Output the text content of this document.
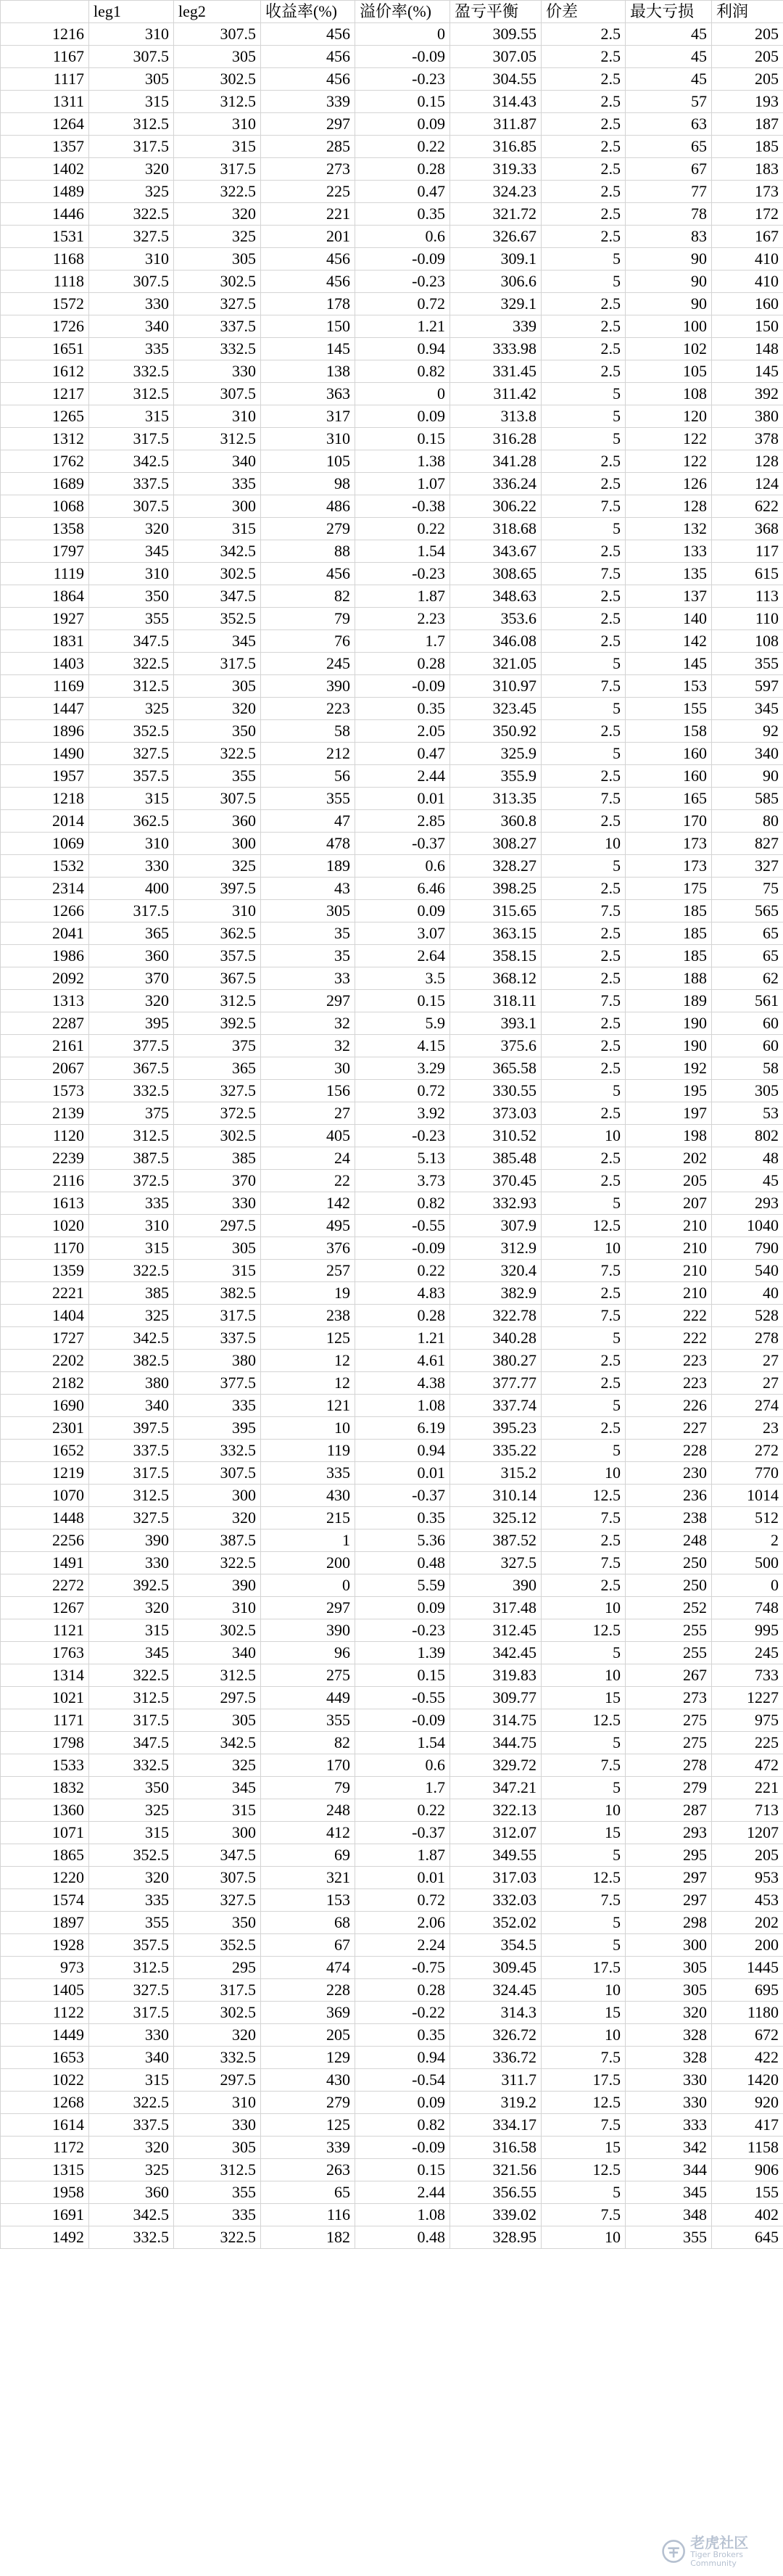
	leg1	leg2	收益率(%)	溢价率(%)	盈亏平衡	价差	最大亏损	利润
1216	310	307.5	456	0	309.55	2.5	45	205
1167	307.5	305	456	-0.09	307.05	2.5	45	205
1117	305	302.5	456	-0.23	304.55	2.5	45	205
1311	315	312.5	339	0.15	314.43	2.5	57	193
1264	312.5	310	297	0.09	311.87	2.5	63	187
1357	317.5	315	285	0.22	316.85	2.5	65	185
1402	320	317.5	273	0.28	319.33	2.5	67	183
1489	325	322.5	225	0.47	324.23	2.5	77	173
1446	322.5	320	221	0.35	321.72	2.5	78	172
1531	327.5	325	201	0.6	326.67	2.5	83	167
1168	310	305	456	-0.09	309.1	5	90	410
1118	307.5	302.5	456	-0.23	306.6	5	90	410
1572	330	327.5	178	0.72	329.1	2.5	90	160
1726	340	337.5	150	1.21	339	2.5	100	150
1651	335	332.5	145	0.94	333.98	2.5	102	148
1612	332.5	330	138	0.82	331.45	2.5	105	145
1217	312.5	307.5	363	0	311.42	5	108	392
1265	315	310	317	0.09	313.8	5	120	380
1312	317.5	312.5	310	0.15	316.28	5	122	378
1762	342.5	340	105	1.38	341.28	2.5	122	128
1689	337.5	335	98	1.07	336.24	2.5	126	124
1068	307.5	300	486	-0.38	306.22	7.5	128	622
1358	320	315	279	0.22	318.68	5	132	368
1797	345	342.5	88	1.54	343.67	2.5	133	117
1119	310	302.5	456	-0.23	308.65	7.5	135	615
1864	350	347.5	82	1.87	348.63	2.5	137	113
1927	355	352.5	79	2.23	353.6	2.5	140	110
1831	347.5	345	76	1.7	346.08	2.5	142	108
1403	322.5	317.5	245	0.28	321.05	5	145	355
1169	312.5	305	390	-0.09	310.97	7.5	153	597
1447	325	320	223	0.35	323.45	5	155	345
1896	352.5	350	58	2.05	350.92	2.5	158	92
1490	327.5	322.5	212	0.47	325.9	5	160	340
1957	357.5	355	56	2.44	355.9	2.5	160	90
1218	315	307.5	355	0.01	313.35	7.5	165	585
2014	362.5	360	47	2.85	360.8	2.5	170	80
1069	310	300	478	-0.37	308.27	10	173	827
1532	330	325	189	0.6	328.27	5	173	327
2314	400	397.5	43	6.46	398.25	2.5	175	75
1266	317.5	310	305	0.09	315.65	7.5	185	565
2041	365	362.5	35	3.07	363.15	2.5	185	65
1986	360	357.5	35	2.64	358.15	2.5	185	65
2092	370	367.5	33	3.5	368.12	2.5	188	62
1313	320	312.5	297	0.15	318.11	7.5	189	561
2287	395	392.5	32	5.9	393.1	2.5	190	60
2161	377.5	375	32	4.15	375.6	2.5	190	60
2067	367.5	365	30	3.29	365.58	2.5	192	58
1573	332.5	327.5	156	0.72	330.55	5	195	305
2139	375	372.5	27	3.92	373.03	2.5	197	53
1120	312.5	302.5	405	-0.23	310.52	10	198	802
2239	387.5	385	24	5.13	385.48	2.5	202	48
2116	372.5	370	22	3.73	370.45	2.5	205	45
1613	335	330	142	0.82	332.93	5	207	293
1020	310	297.5	495	-0.55	307.9	12.5	210	1040
1170	315	305	376	-0.09	312.9	10	210	790
1359	322.5	315	257	0.22	320.4	7.5	210	540
2221	385	382.5	19	4.83	382.9	2.5	210	40
1404	325	317.5	238	0.28	322.78	7.5	222	528
1727	342.5	337.5	125	1.21	340.28	5	222	278
2202	382.5	380	12	4.61	380.27	2.5	223	27
2182	380	377.5	12	4.38	377.77	2.5	223	27
1690	340	335	121	1.08	337.74	5	226	274
2301	397.5	395	10	6.19	395.23	2.5	227	23
1652	337.5	332.5	119	0.94	335.22	5	228	272
1219	317.5	307.5	335	0.01	315.2	10	230	770
1070	312.5	300	430	-0.37	310.14	12.5	236	1014
1448	327.5	320	215	0.35	325.12	7.5	238	512
2256	390	387.5	1	5.36	387.52	2.5	248	2
1491	330	322.5	200	0.48	327.5	7.5	250	500
2272	392.5	390	0	5.59	390	2.5	250	0
1267	320	310	297	0.09	317.48	10	252	748
1121	315	302.5	390	-0.23	312.45	12.5	255	995
1763	345	340	96	1.39	342.45	5	255	245
1314	322.5	312.5	275	0.15	319.83	10	267	733
1021	312.5	297.5	449	-0.55	309.77	15	273	1227
1171	317.5	305	355	-0.09	314.75	12.5	275	975
1798	347.5	342.5	82	1.54	344.75	5	275	225
1533	332.5	325	170	0.6	329.72	7.5	278	472
1832	350	345	79	1.7	347.21	5	279	221
1360	325	315	248	0.22	322.13	10	287	713
1071	315	300	412	-0.37	312.07	15	293	1207
1865	352.5	347.5	69	1.87	349.55	5	295	205
1220	320	307.5	321	0.01	317.03	12.5	297	953
1574	335	327.5	153	0.72	332.03	7.5	297	453
1897	355	350	68	2.06	352.02	5	298	202
1928	357.5	352.5	67	2.24	354.5	5	300	200
973	312.5	295	474	-0.75	309.45	17.5	305	1445
1405	327.5	317.5	228	0.28	324.45	10	305	695
1122	317.5	302.5	369	-0.22	314.3	15	320	1180
1449	330	320	205	0.35	326.72	10	328	672
1653	340	332.5	129	0.94	336.72	7.5	328	422
1022	315	297.5	430	-0.54	311.7	17.5	330	1420
1268	322.5	310	279	0.09	319.2	12.5	330	920
1614	337.5	330	125	0.82	334.17	7.5	333	417
1172	320	305	339	-0.09	316.58	15	342	1158
1315	325	312.5	263	0.15	321.56	12.5	344	906
1958	360	355	65	2.44	356.55	5	345	155
1691	342.5	335	116	1.08	339.02	7.5	348	402
1492	332.5	322.5	182	0.48	328.95	10	355	645
老虎社区
Tiger Brokers Community
